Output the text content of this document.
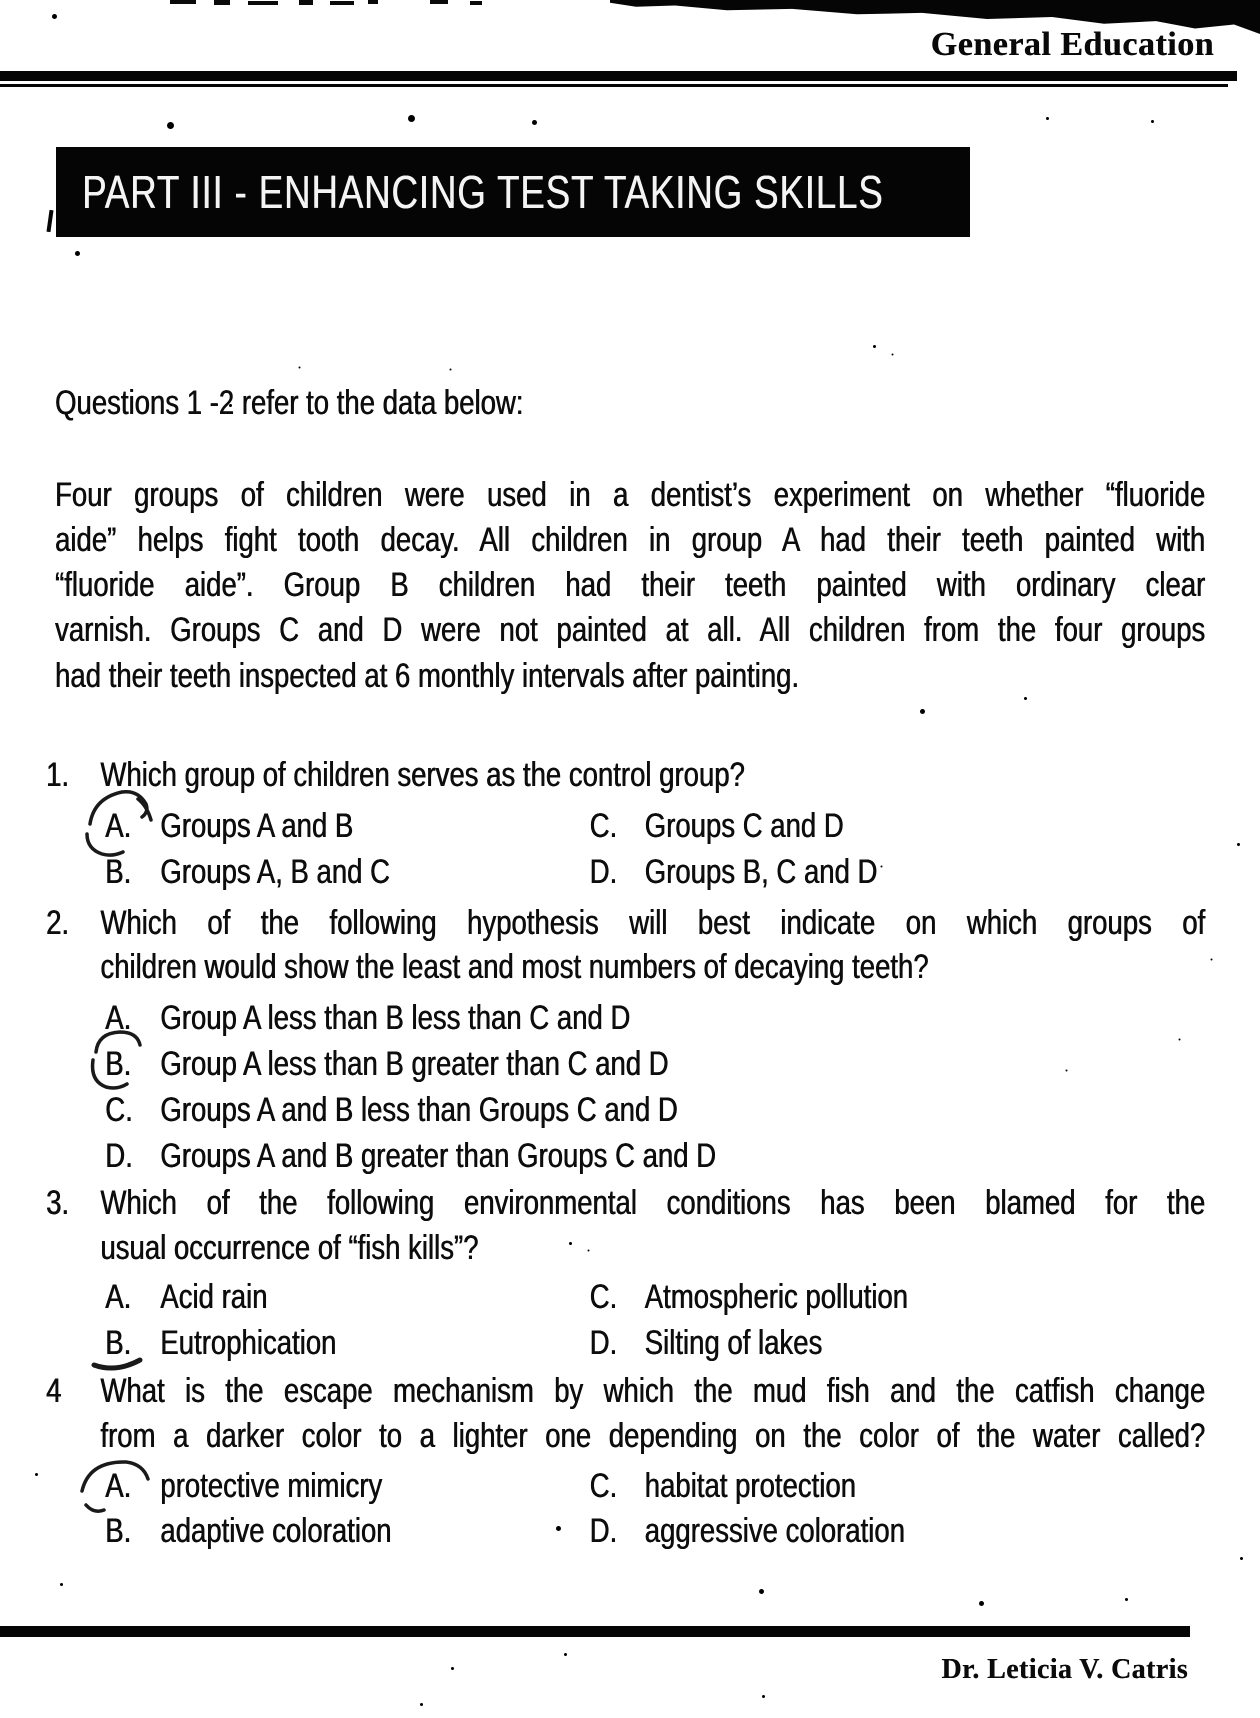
General Education
PART III - ENHANCING TEST TAKING SKILLS
Questions 1 -2 refer to the data below:
Four groups of children were used in a dentist’s experiment on whether “fluoride
aide” helps fight tooth decay. All children in group A had their teeth painted with
“fluoride aide”. Group B children had their teeth painted with ordinary clear
varnish. Groups C and D were not painted at all. All children from the four groups
had their teeth inspected at 6 monthly intervals after painting.
1. Which group of children serves as the control group?
A. Groups A and B	C. Groups C and D
B. Groups A, B and C	D. Groups B, C and D
2. Which of the following hypothesis will best indicate on which groups of
children would show the least and most numbers of decaying teeth?
A. Group A less than B less than C and D
B. Group A less than B greater than C and D
C. Groups A and B less than Groups C and D
D. Groups A and B greater than Groups C and D
3. Which of the following environmental conditions has been blamed for the
usual occurrence of “fish kills”?
A. Acid rain	C. Atmospheric pollution
B. Eutrophication	D. Silting of lakes
4	What is the escape mechanism by which the mud fish and the catfish change
from a darker color to a lighter one depending on the color of the water called?
A. protective mimicry	C. habitat protection
B. adaptive coloration	D. aggressive coloration
Dr. Leticia V. Catris
